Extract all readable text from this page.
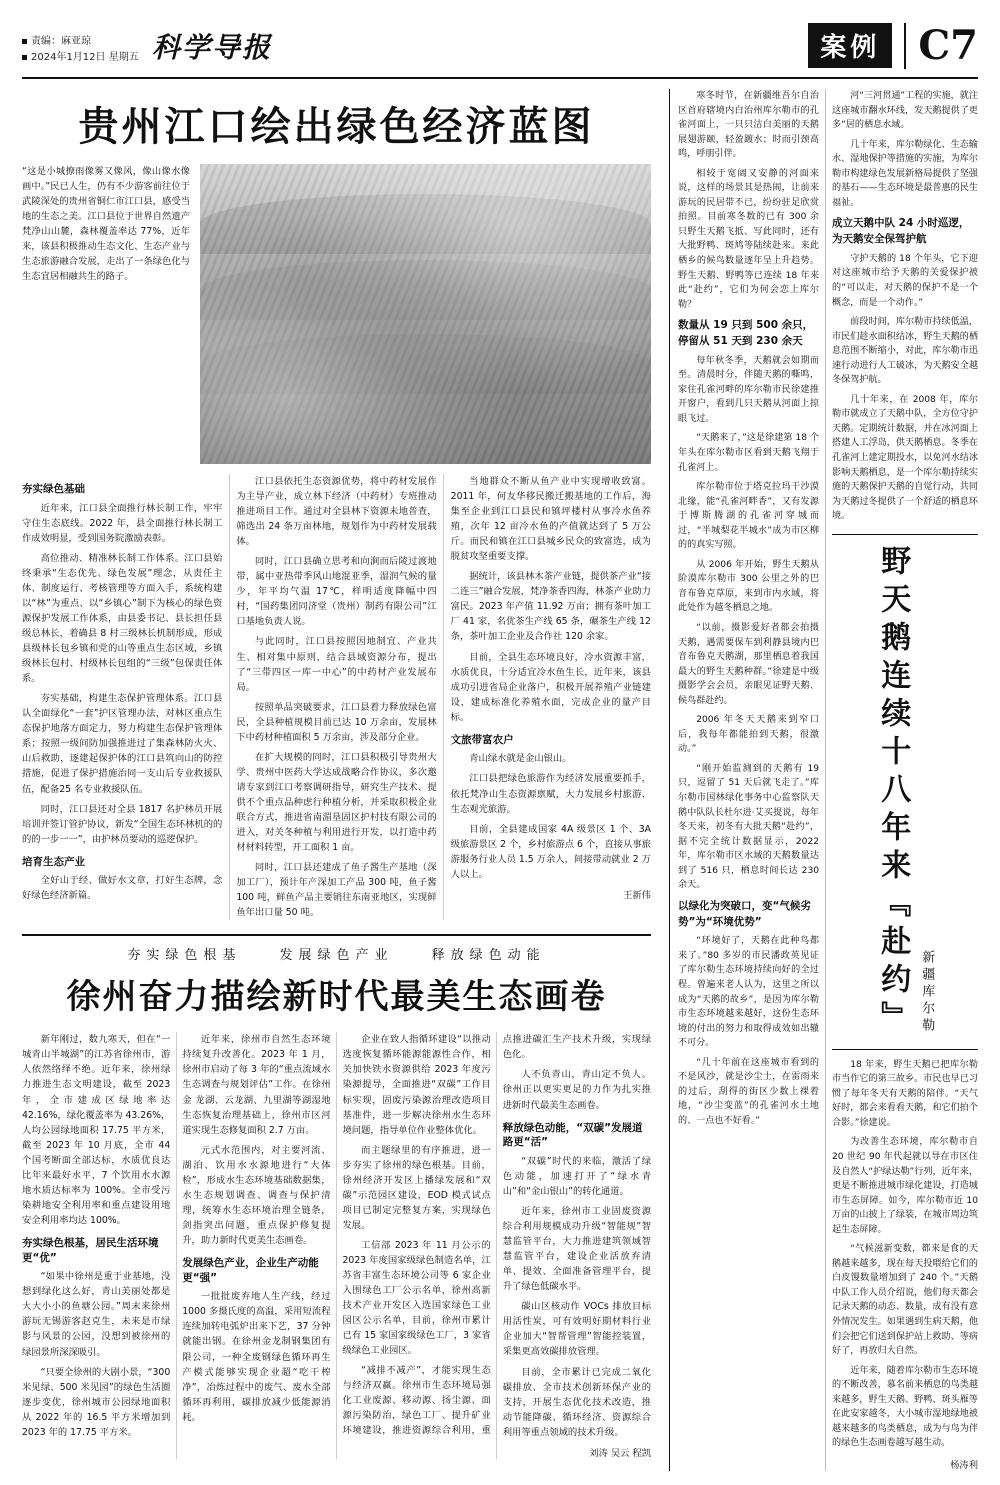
责编：麻亚琼
2024年1月12日 星期五 科学导报	案例 C7
贵州江口绘出绿色经济蓝图
“这是小城撩雨像雾又像风，像山像水像画中。”民已人生，仍有不少游客前往位于武陵深处的贵州省铜仁市江口县，感受当地的生态之美。江口县位于世界自然遗产梵净山山麓，森林覆盖率达 77%，近年来，该县积极推动生态文化、生态产业与生态旅游融合发展，走出了一条绿色化与生态宜居相融共生的路子。
夯实绿色基础

近年来，江口县全面推行林长制工作，牢牢守住生态底线。2022 年，县全面推行林长制工作成效明显，受到国务院激励表彰。

高位推动、精准林长制工作体系。江口县始终秉承“生态优先、绿色发展”理念，从责任主体、制度运行、考核管理等方面入手，系统构建以“林”为重点、以“乡镇心”制下为核心的绿色资源保护发展工作体系，由县委书记、县长担任县级总林长，着确县 8 村三级林长机制形成，形成县级林长包乡镇和党的山等重点生态区域，乡镇级林长包村、村级林长包组的“三级”包保责任体系。

夯实基础，构建生态保护管理体系。江口县认全面绿化“一套”护区管理办法，对林区重点生态保护地落方面定力，努力构建生态保护管理体系；按照一级间防加强推进过了集森林防火火、山后救助，逐建起保护体的江口县筑向山的防控措施，促进了保护措施治同一支山后专业救援队伍，配备25 名专业救援队伍。

同时，江口县还对全县 1817 名护林员开展培训并签订管护协议，新发“全国生态环林机的的的的一步一一”，由护林员要动的巡逻保护。

培育生态产业

全好山于经、做好水文章，打好生态牌，念好绿色经济新篇。

江口县依托生态资源优势，将中药材发展作为主导产业，成立林下经济（中药材）专班推动推进项目工作。通过对全县林下资源未地普查，筛选出 24 条万亩林地，规划作为中药材发展载体。

同时，江口县确立思考和向涧而后陵过渡地带，属中亚热带季风山地混亚季，湿润气候的量少，年平均气温 17℃，样明适度降幅中四村，“国药集团同济堂（贵州）制药有限公司”江口基地负责人说。

与此同时，江口县按照因地制宜、产业共生、相对集中原则，结合县域资源分布，提出了“三带四区一库一中心”的中药材产业发展布局。

按照单品突破要求，江口县着力释放绿色富民，全县种植规模目前已达 10 万余亩，发展林下中药材种植面积 5 万余亩，涉及部分企业。

在扩大规模的同时，江口县积极引导贵州大学、贵州中医药大学达成战略合作协议，多次邀请专家到江口考察调研指导，研究生产技术、提供不个重点品种虑行种植分析，并采取积极企业联合方式，推进省南湄垦固区护村技有限公司的进入，对关冬种植与利用进行开发，以打造中药材材料转型，开工面积 1 亩。

同时，江口县还建成了鱼子酱生产基地（深加工厂），预计年产深加工产品 300 吨，鱼子酱 100 吨，鲜鱼产品主要销往东南亚地区，实现鲜鱼年出口量 50 吨。

当地群众不断从鱼产业中实现增收致富。2011 年，何友华移民搬迁搬基地的工作后，海集至企业到江口县民和镇坪楼村从事冷水鱼养殖，次年 12 亩冷水鱼的产值就达到了 5 万公斤。而民和镇在江口县城乡民众的致富选，成为脱贫攻坚重要支撑。

据统计，该县林木茶产业链，提供茶产业“接二连三”融合发展，梵净茶香四海，林茶产业助力富民。2023 年产值 11.92 万亩；拥有茶叶加工厂 41 家，名优茶生产线 65 条，碾茶生产线 12 条，茶叶加工企业及合作社 120 余家。

目前，全县生态环境良好，冷水资源丰富，水质优良，十分适宜冷水鱼生长，近年来，该县成功引进省局企业落户，积极开展养殖产业链建设，建成标准化养殖水面，完成企业的量产目标。

文旅带富农户

青山绿水就是金山银山。

江口县把绿色旅游作为经济发展重要抓手，依托梵净山生态资源禀赋，大力发展乡村旅游、生态观光旅游。

目前，全县建成国家 4A 级景区 1 个、3A 级旅游景区 2 个，乡村旅游点 6 个，直接从事旅游服务行业人员 1.5 万余人，间接带动就业 2 万人以上。

王新伟
夯实绿色根基	发展绿色产业	释放绿色动能
徐州奋力描绘新时代最美生态画卷

新年刚过，数九寒天，但在“一城青山半城湖”的江苏省徐州市，游人依然络绎不绝。近年来，徐州绿力推进生态文明建设，截至 2023 年，全市建成区绿地率达 42.16%，绿化覆盖率为 43.26%，人均公园绿地面积 17.75 平方米，截至 2023 年 10 月底，全市 44 个国考断面全部达标，水质优良达比年来最好水平，7 个饮用水水源地水质达标率为 100%。全市受污染耕地安全利用率和重点建设用地安全利用率均达 100%。

夯实绿色根基，居民生活环境更“优”

“如果中徐州是重于业基地，没想到绿化这么好，青山美丽处都是大大小小的鱼塘公园。”周末来徐州游玩无锡游客赵克生，未来是市绿影与风景的公园，没想到被徐州的绿园景所深深吸引。

“只要全徐州的大剧小景，“300 米见绿、500 米见园”的绿色生活圈逐步变优，徐州城市公园绿地面积从 2022 年的 16.5 平方米增加到 2023 年的 17.75 平方米。

近年来，徐州市自然生态环境持续复升改善化。2023 年 1 月，徐州市启动了每 3 年的“重点流域水生态调查与规划评估”工作。在徐州金 龙湖、云龙湖、九里湖等湖湿地生态恢复治理基础上，徐州市区河道实现生态修复面积 2.7 万亩。

元式水范围内，对主要河流、湖泊、饮用水水源地进行“大体检”，形成水生态环境基础数据集，水生态规划调查、调查与保护清理，统筹水生态环境治理全链条，剑指突出问题，重点保护修复提升，助力新时代更美生态画卷。

发展绿色产业，企业生产动能更“强”

一批批废弃地人生产线，经过 1000 多摄氏度的高温，采用短流程连续加转电弧炉出来下艺，37 分钟就能出钢。在徐州金龙制钢集团有限公司，一种全废钢绿色循环再生产模式能够实现企业超“吃干榨净”，冶炼过程中的废气、废水全部循环再利用，碳排放减少低能源消耗。

企业在致人指循环建设“以推动选度恢复循环能源能源性合作，相关加快铁水资源供给 2023 年度污染源提导，全面推进“双碳”工作目标实现，固废污染源治理改造项目基准件，进一步解决徐州水生态环境问题，指导单位作业整体优化。

而主题绿里的有序推进，进一步夯实了徐州的绿色根基。目前，徐州经济开发区上播绿发展和“双碳”示范园区建设，EOD 模式试点项目已制定完整复方案，实现绿色发展。

工信部 2023 年 11 月公示的 2023 年度国家级绿色制造名单，江苏省丰富生态环境公司等 6 家企业入围绿色工厂公示名单，徐州高新技术产业开发区入选国家绿色工业园区公示名单，目前，徐州市累计已有 15 家国家级绿色工厂，3 家省级绿色工业园区。

“减排不减产”，才能实现生态与经济双赢。徐州市生态环境局强化工业废源、移动源、扬尘源、面源污染防治，绿色工厂、提升矿业环境建设，推进资源综合利用，重点推进碳汇生产技术升级，实现绿色化。

人不负青山，青山定不负人。徐州正以更实更足的力作为扎实推进新时代最美生态画卷。

释放绿色动能，“双碳”发展道路更“活”

“双碳”时代的来临，激活了绿色动能，加速打开了“绿水青山”和“金山银山”的转化通道。

近年来，徐州市工业固废资源综合利用规模成功升级“智能规”智慧监管平台，大力推进建筑领域智慧监管平台，建设企业活放弃清单、提效、全面准备管理平台，提升了绿色低碳水平。

碳山区核动作 VOCs 排放目标用活性炭，可有效明好期材料行业企业加大“智帮管理”智能控装置，采集更高效碳排放管理。

目前，全市累计已完成二氧化碳排放、全市技术创新环保产业的支持，开展生态优化技术改造，推动节能降碳、循环经济、资源综合利用等重点领域的技术升级。

刘涛 吴云 程凯

寒冬时节，在新疆维吾尔自治区首府辖境内白治州库尔勒市的孔雀河面上，一只只洁白美丽的天鹅展翅游颐，轻盈踱水；时而引颈高鸣，呼朋引伴。

相较于宽阔又安静的河面来说，这样的场景其是热闹，让前来游玩的民居带不已，纷纷驻足欣赏拍照。目前寒冬数的已有 300 余只野生天鹅飞抵、写此同时，还有大批野鸭、斑鸠等陆续赴来。来此栖乡的候鸟数量逐年呈上升趋势。野生天鹅、野鸭等已连续 18 年来此“赴约”，它们为何会恋上库尔勒？

数量从 19 只到 500 余只，停留从 51 天到 230 余天

每年秋冬季，天鹅就会如期而至。清晨时分，伴随天鹅的嘶鸣，家住孔雀河畔的库尔勒市民徐建推开窗户，看到几只天鹅从河面上掠眼飞过。

“天鹅来了，”这是徐建第 18 个年头在库尔勒市区看到天鹅飞翔于孔雀河上。

库尔勒市位于塔克拉玛干沙漠北缘，能“孔雀河畔香”，又有发源于博斯腾湖的孔雀河穿城而过，“半城梨花半城水”成为市区柳的的真实写照。

从 2006 年开始，野生天鹅从阶漠库尔勒市 300 公里之外的巴音布鲁克草原，来到市内水域，将此处作为越冬栖息之地。

“以前，摄影爱好者都会拍摄天鹅，遇需要保车到利静县境内巴音布鲁克天鹅湖，那里栖息着我国最大的野生天鹅种群。”徐建是中级摄影学会会员，亲眼见证野天鹅、候鸟群赴约。

2006 年冬天天鹅来到窄口后，我每年都能拍到天鹅，很激动。”

“刚开始监测到的天鹅有 19 只，逗留了 51 天后就飞走了。”库尔勒市国林绿化事务中心监察队天鹅中队队长杜尔进·艾买提说，每年冬天来，初冬有大批天鹅“赴约”，据不完全统计数据显示，2022 年，库尔勒市区水域的天鹅数量达到了 516 只，栖息时间长达 230 余天。

以绿化为突破口，变“气候劣势”为“环境优势”

“环境好了，天鹅在此种鸟都来了。”80 多岁的市民潘政英见证了库尔勒生态环境持续向好的全过程。曾遍来老人认为，这里之所以成为“天鹅的故乡”，是因为库尔勒市生态环境越来越好，这份生态环境的付出的努力和取得成效如出辙不可分。

“几十年前在这座城市看到的不是风沙，就是沙尘土，在雷雨来的过后，刮得的街区少数上裸着地，“沙尘变蓝”的孔雀河水土地的、一点也不好看。”

河“三河贯通”工程的实施，就注这座城市翻水环线，发天鹅提供了更多“居的栖息水域。

几十年来，库尔勒绿化、生态输水、湿地保护等措施的实施，为库尔勒市构建绿色发展新格局提供了坚强的基石——生态环境是最普惠的民生福祉。

成立天鹅中队 24 小时巡逻，为天鹅安全保驾护航

守护天鹅的 18 个年头，它下迎对这座城市给予天鹅的关爱保护被的“可以走，对天鹅的保护不是一个概念，而是一个动作。”

前段时间，库尔勒市持续低温，市民们趁水面积结冰，野生天鹅的栖息范围不断缩小，对此，库尔勒市迅速行动进行人工破冰，为天鹅安全越冬保驾护航。

几十年来，在 2008 年，库尔勒市就成立了天鹅中队，全方位守护天鹅。定期统计数据，并在冰河面上搭建人工浮岛，供天鹅栖息。冬季在孔雀河上建定期投水，以免河水结冰影响天鹅栖息，是一个库尔勒持续实施的天鹅保护天鹅的自觉行动，共同为天鹅过冬提供了一个舒适的栖息环境。

野天鹅连续十八年来『赴约』 新疆库尔勒

18 年来，野生天鹅已把库尔勒市当作它的第三故乡。市民也早已习惯了每年冬天有天鹅的陪伴。“天气好时，都会来看看天鹅，和它们拍个合影。”徐建说。

为改善生态环境，库尔勒市自 20 世纪 90 年代起就以导在市区住及自然人“护绿达勒”行列，近年来，更是不断推进城市绿化建设，打造城市生态屏障。如今，库尔勒市近 10 万亩的山披上了绿装，在城市周边筑起生态屏障。

“气候滋新变数，都来是食的天鹅越来越多，现在每天投喂给它们的白皮馒数量增加到了 240 个。”天鹅中队工作人员介绍说，他们每天都会记录天鹅的动态、数量，成有没有意外情况发生。如果遇到生病天鹅，他们会把它们送到保护站上救助、等病好了，再放归大自然。

近年来，随着库尔勒市生态环境的不断改善，慕名前来栖息的鸟类越来越多，野生天鹅、野鸭、斑头雁等在此安家越冬，大小城市湿地绿地被越来越多的鸟类栖息，成为与鸟为伴的绿色生态画卷越写越生动。

杨涛利
